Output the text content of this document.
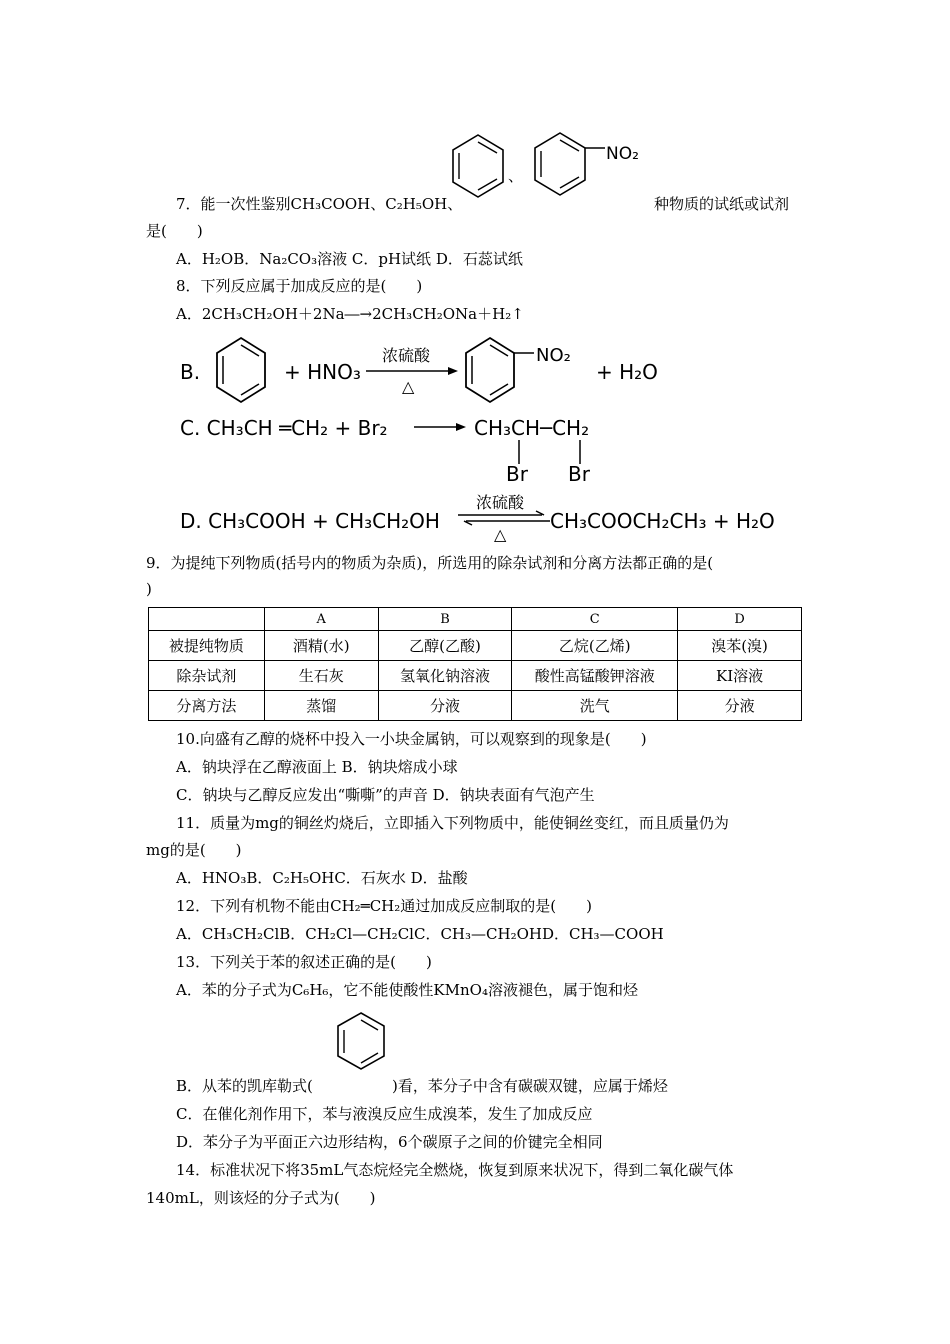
、
NO₂
7．能一次性鉴别CH₃COOH、C₂H₅OH、	种物质的试纸或试剂
是(　　)
A．H₂OB．Na₂CO₃溶液 C．pH试纸 D．石蕊试纸
8．下列反应属于加成反应的是(　　)
A．2CH₃CH₂OH＋2Na―→2CH₃CH₂ONa＋H₂↑
B.	+ HNO₃
浓硫酸
△
NO₂
+ H₂O
C. CH₃CH ═CH₂ + Br₂ → CH₃CH─CH₂
Br Br
D. CH₃COOH + CH₃CH₂OH
浓硫酸
△
CH₃COOCH₂CH₃ + H₂O
9．为提纯下列物质(括号内的物质为杂质)，所选用的除杂试剂和分离方法都正确的是(
)
	A	B	C	D
被提纯物质	酒精(水)	乙醇(乙酸)	乙烷(乙烯)	溴苯(溴)
除杂试剂	生石灰	氢氧化钠溶液	酸性高锰酸钾溶液	KI溶液
分离方法	蒸馏	分液	洗气	分液
10.向盛有乙醇的烧杯中投入一小块金属钠，可以观察到的现象是(　　)
A．钠块浮在乙醇液面上 B．钠块熔成小球
C．钠块与乙醇反应发出“嘶嘶”的声音 D．钠块表面有气泡产生
11．质量为mg的铜丝灼烧后，立即插入下列物质中，能使铜丝变红，而且质量仍为
mg的是(　　)
A．HNO₃B．C₂H₅OHC．石灰水 D．盐酸
12．下列有机物不能由CH₂═CH₂通过加成反应制取的是(　　)
A．CH₃CH₂ClB．CH₂Cl—CH₂ClC．CH₃—CH₂OHD．CH₃—COOH
13．下列关于苯的叙述正确的是(　　)
A．苯的分子式为C₆H₆，它不能使酸性KMnO₄溶液褪色，属于饱和烃
B．从苯的凯库勒式(	)看，苯分子中含有碳碳双键，应属于烯烃
C．在催化剂作用下，苯与液溴反应生成溴苯，发生了加成反应
D．苯分子为平面正六边形结构，6个碳原子之间的价键完全相同
14．标准状况下将35mL气态烷烃完全燃烧，恢复到原来状况下，得到二氧化碳气体
140mL，则该烃的分子式为(　　)
